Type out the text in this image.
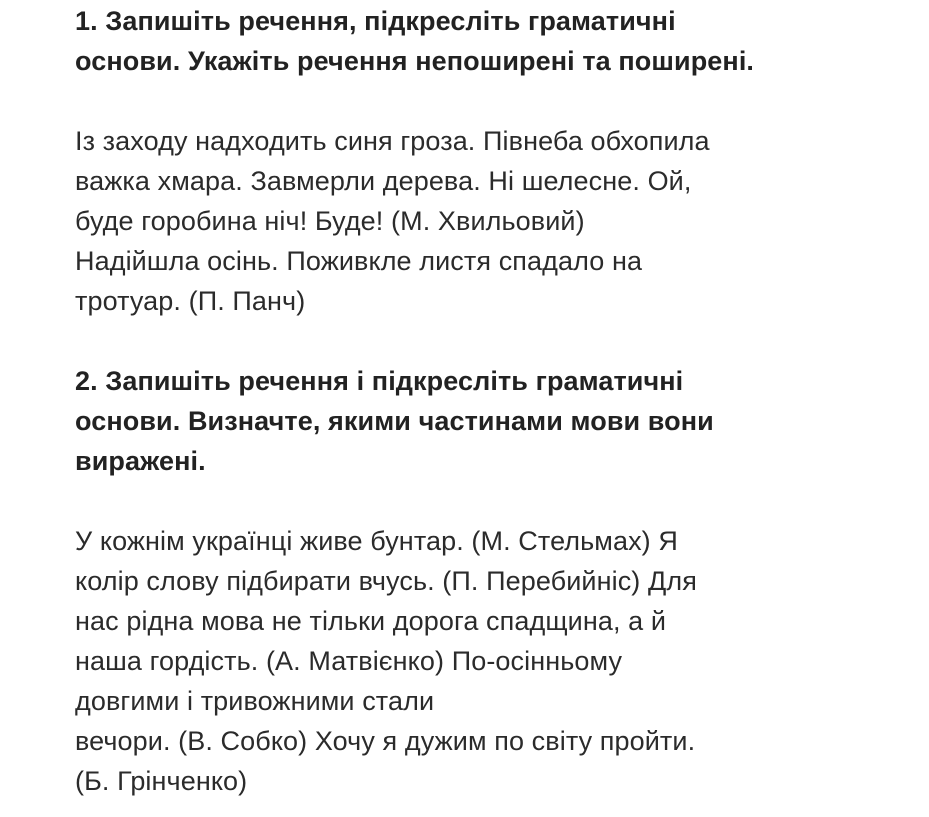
1. Запишіть речення, підкресліть граматичні
основи. Укажіть речення непоширені та поширені.
Із заходу надходить синя гроза. Півнеба обхопила
важка хмара. Завмерли дерева. Ні шелесне. Ой,
буде горобина ніч! Буде! (М. Хвильовий)
Надійшла осінь. Поживкле листя спадало на
тротуар. (П. Панч)
2. Запишіть речення і підкресліть граматичні
основи. Визначте, якими частинами мови вони
виражені.
У кожнім українці живе бунтар. (М. Стельмах) Я
колір слову підбирати вчусь. (П. Перебийніс) Для
нас рідна мова не тільки дорога спадщина, а й
наша гордість. (А. Матвієнко) По-осінньому
довгими і тривожними стали
вечори. (В. Собко) Хочу я дужим по світу пройти.
(Б. Грінченко)
